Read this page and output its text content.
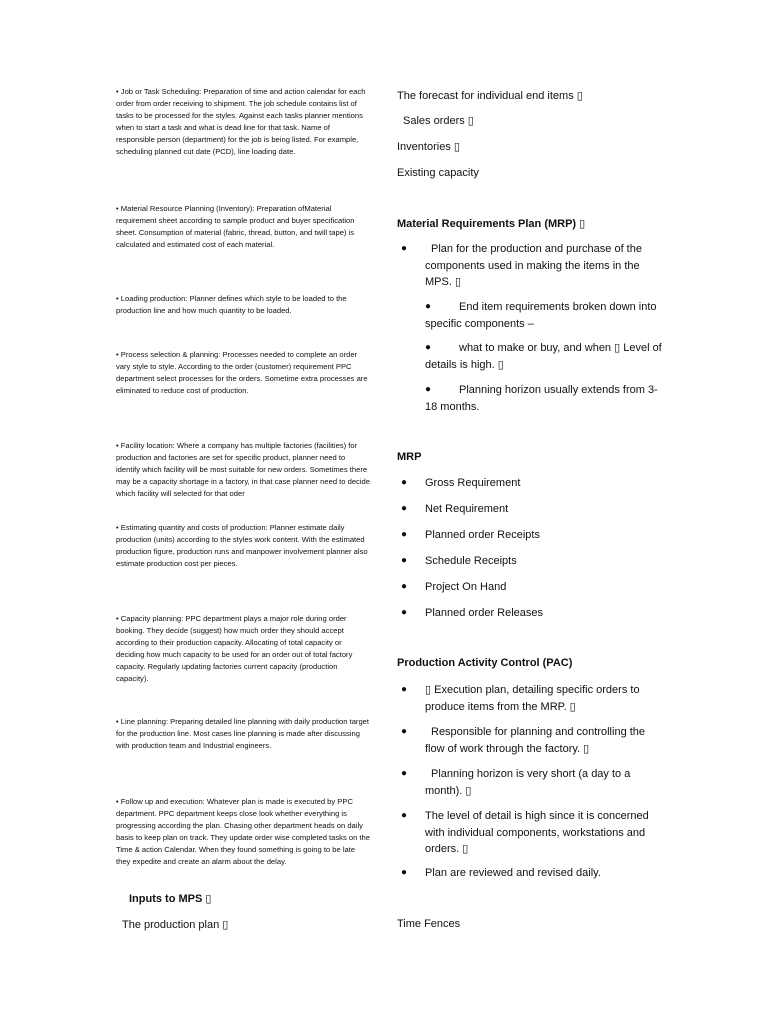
• Job or Task Scheduling: Preparation of time and action calendar for each order from order receiving to shipment. The job schedule contains list of tasks to be processed for the styles. Against each tasks planner mentions when to start a task and what is dead line for that task. Name of responsible person (department) for the job is being listed. For example, scheduling planned cut date (PCD), line loading date.

• Material Resource Planning (Inventory): Preparation ofMaterial requirement sheet according to sample product and buyer specification sheet. Consumption of material (fabric, thread, button, and twill tape) is calculated and estimated cost of each material.

• Loading production: Planner defines which style to be loaded to the production line and how much quantity to be loaded.

• Process selection & planning: Processes needed to complete an order vary style to style. According to the order (customer) requirement PPC department select processes for the orders. Sometime extra processes are eliminated to reduce cost of production.

• Facility location: Where a company has multiple factories (facilities) for production and factories are set for specific product, planner need to identify which facility will be most suitable for new orders. Sometimes there may be a capacity shortage in a factory, in that case planner need to decide which facility will selected for that oder

• Estimating quantity and costs of production: Planner estimate daily production (units) according to the styles work content. With the estimated production figure, production runs and manpower involvement planner also estimate production cost per pieces.

• Capacity planning: PPC department plays a major role during order booking. They decide (suggest) how much order they should accept according to their production capacity. Allocating of total capacity or deciding how much capacity to be used for an order out of total factory capacity. Regularly updating factories current capacity (production capacity).

• Line planning: Preparing detailed line planning with daily production target for the production line. Most cases line planning is made after discussing with production team and Industrial engineers.

• Follow up and execution: Whatever plan is made is executed by PPC department. PPC department keeps close look whether everything is progressing according the plan. Chasing other department heads on daily basis to keep plan on track. They update order wise completed tasks on the Time & action Calendar. When they found something is going to be late they expedite and create an alarm about the delay.

Inputs to MPS ▯

The production plan ▯

The forecast for individual end items ▯

Sales orders ▯

Inventories ▯

Existing capacity

Material Requirements Plan (MRP) ▯

●	Plan for the production and purchase of the components used in making the items in the MPS. ▯

●	End item requirements broken down into specific components –

●	what to make or buy, and when ▯ Level of details is high. ▯

●	Planning horizon usually extends from 3-18 months.

MRP

● Gross Requirement

● Net Requirement

● Planned order Receipts

● Schedule Receipts

● Project On Hand

● Planned order Releases

Production Activity Control (PAC)

● ▯ Execution plan, detailing specific orders to produce items from the MRP. ▯

●	Responsible for planning and controlling the flow of work through the factory. ▯

●	Planning horizon is very short (a day to a month). ▯

● The level of detail is high since it is concerned with individual components, workstations and orders. ▯

● Plan are reviewed and revised daily.

Time Fences
